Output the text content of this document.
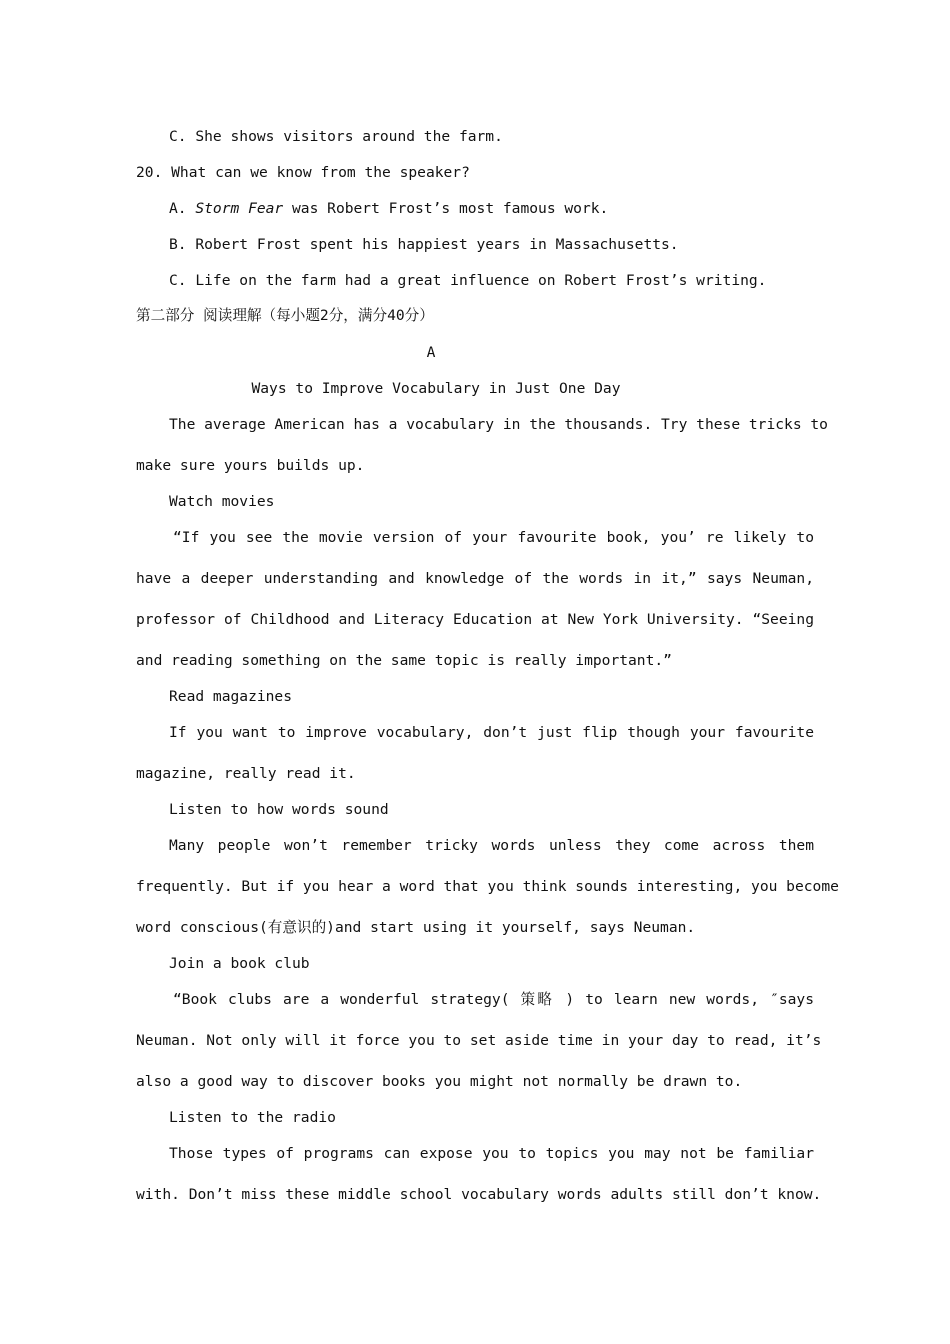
C. She shows visitors around the farm.
20. What can we know from the speaker?
A. Storm Fear was Robert Frost’s most famous work.
B. Robert Frost spent his happiest years in Massachusetts.
C. Life on the farm had a great influence on Robert Frost’s writing.
第二部分 阅读理解（每小题2分，满分40分）
A
Ways to Improve Vocabulary in Just One Day
The average American has a vocabulary in the thousands. Try these tricks to
make sure yours builds up.
Watch movies
“If you see the movie version of your favourite book, you’ re likely to
have a deeper understanding and knowledge of the words in it,” says Neuman,
professor of Childhood and Literacy Education at New York University. “Seeing
and reading something on the same topic is really important.”
Read magazines
If you want to improve vocabulary, don’t just flip though your favourite
magazine, really read it.
Listen to how words sound
Many people won’t remember tricky words unless they come across them
frequently. But if you hear a word that you think sounds interesting, you become
word conscious(有意识的)and start using it yourself, says Neuman.
Join a book club
“Book clubs are a wonderful strategy( 策略 ) to learn new words, ″says
Neuman. Not only will it force you to set aside time in your day to read, it’s
also a good way to discover books you might not normally be drawn to.
Listen to the radio
Those types of programs can expose you to topics you may not be familiar
with. Don’t miss these middle school vocabulary words adults still don’t know.
